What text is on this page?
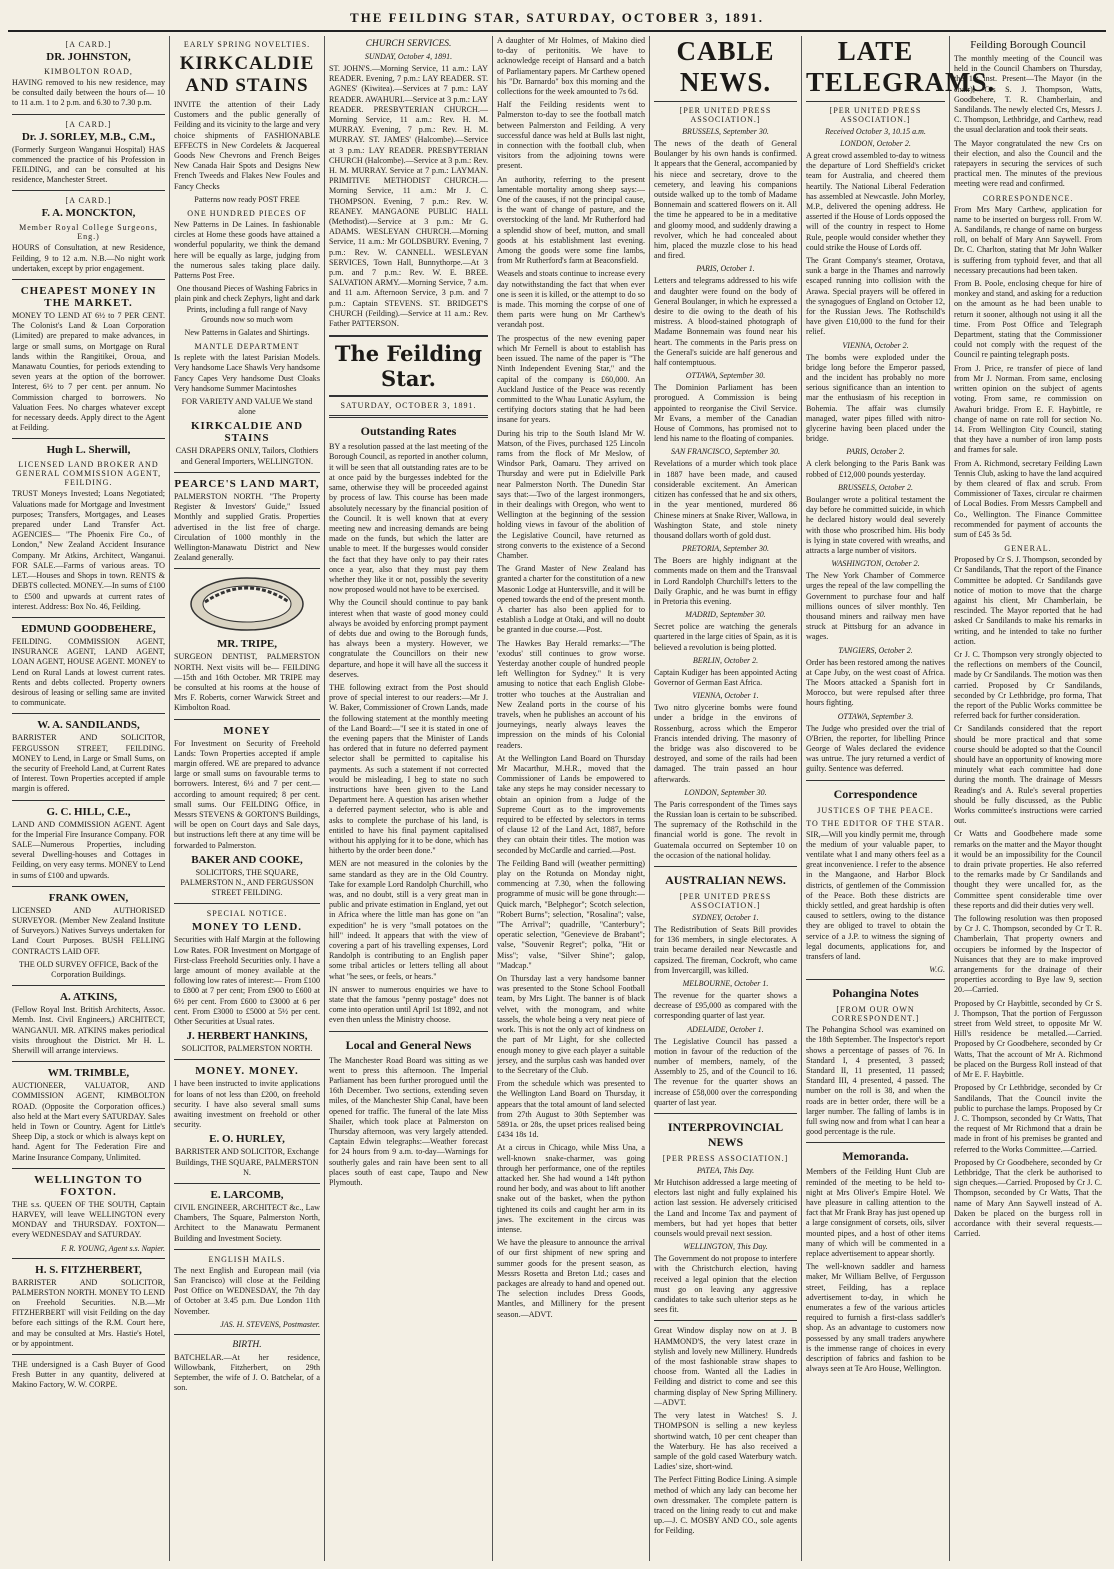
THE FEILDING STAR, SATURDAY, OCTOBER 3, 1891.
[A CARD.]
DR. JOHNSTON,
KIMBOLTON ROAD,

HAVING removed to his new residence, may be consulted daily between the hours of— 10 to 11 a.m. 1 to 2 p.m. and 6.30 to 7.30 p.m.

[A CARD.]
Dr. J. SORLEY, M.B., C.M.,

(Formerly Surgeon Wanganui Hospital) HAS commenced the practice of his Profession in FEILDING, and can be consulted at his residence, Manchester Street.

[A CARD.]
F. A. MONCKTON,
Member Royal College Surgeons, Eng.)

HOURS of Consultation, at new Residence, Feilding, 9 to 12 a.m. N.B.—No night work undertaken, except by prior engagement.

CHEAPEST MONEY IN THE MARKET.

MONEY TO LEND AT 6½ to 7 PER CENT. The Colonist's Land & Loan Corporation (Limited) are prepared to make advances, in large or small sums, on Mortgage on Rural lands within the Rangitikei, Oroua, and Manawatu Counties, for periods extending to seven years at the option of the borrower. Interest, 6½ to 7 per cent. per annum. No Commission charged to borrowers. No Valuation Fees. No charges whatever except for necessary deeds. Apply direct to the Agent at Feilding.

Hugh L. Sherwill,
LICENSED LAND BROKER AND GENERAL COMMISSION AGENT, FEILDING.

TRUST Moneys Invested; Loans Negotiated; Valuations made for Mortgage and Investment purposes; Transfers, Mortgages, and Leases prepared under Land Transfer Act. AGENCIES— "The Phoenix Fire Co., of London," New Zealand Accident Insurance Company. Mr Atkins, Architect, Wanganui. FOR SALE.—Farms of various areas. TO LET.—Houses and Shops in town. RENTS & DEBTS collected. MONEY.—In sums of £100 to £500 and upwards at current rates of interest. Address: Box No. 46, Feilding.

EDMUND GOODBEHERE,

FEILDING. COMMISSION AGENT, INSURANCE AGENT, LAND AGENT, LOAN AGENT, HOUSE AGENT. MONEY to Lend on Rural Lands at lowest current rates. Rents and debts collected. Property owners desirous of leasing or selling same are invited to communicate.

W. A. SANDILANDS,

BARRISTER AND SOLICITOR, FERGUSSON STREET, FEILDING. MONEY to Lend, in Large or Small Sums, on the security of Freehold Land, at Current Rates of Interest. Town Properties accepted if ample margin is offered.

G. C. HILL, C.E.,

LAND AND COMMISSION AGENT. Agent for the Imperial Fire Insurance Company. FOR SALE—Numerous Properties, including several Dwelling-houses and Cottages in Feilding, on very easy terms. MONEY to Lend in sums of £100 and upwards.

FRANK OWEN,

LICENSED AND AUTHORISED SURVEYOR. (Member New Zealand Institute of Surveyors.) Natives Surveys undertaken for Land Court Purposes. BUSH FELLING CONTRACTS LAID OFF.

THE OLD SURVEY OFFICE, Back of the Corporation Buildings.

A. ATKINS,

(Fellow Royal Inst. British Architects, Assoc. Memb. Inst. Civil Engineers,) ARCHITECT, WANGANUI. MR. ATKINS makes periodical visits throughout the District. Mr H. L. Sherwill will arrange interviews.

WM. TRIMBLE,

AUCTIONEER, VALUATOR, AND COMMISSION AGENT, KIMBOLTON ROAD. (Opposite the Corporation offices.) also held at the Mart every SATURDAY. Sales held in Town or Country. Agent for Little's Sheep Dip, a stock or which is always kept on hand. Agent for The Federation Fire and Marine Insurance Company, Unlimited.

WELLINGTON TO FOXTON.

THE s.s. QUEEN OF THE SOUTH, Captain HARVEY, will leave WELLINGTON every MONDAY and THURSDAY. FOXTON—every WEDNESDAY and SATURDAY.

F. R. YOUNG, Agent s.s. Napier.
H. S. FITZHERBERT,

BARRISTER AND SOLICITOR, PALMERSTON NORTH. MONEY TO LEND on Freehold Securities. N.B.—Mr FITZHERBERT will visit Feilding on the day before each sittings of the R.M. Court here, and may be consulted at Mrs. Hastie's Hotel, or by appointment.

THE undersigned is a Cash Buyer of Good Fresh Butter in any quantity, delivered at Makino Factory, W. W. CORPE.

EARLY SPRING NOVELTIES.
KIRKCALDIE AND STAINS

INVITE the attention of their Lady Customers and the public generally of Feilding and its vicinity to the large and very choice shipments of FASHIONABLE EFFECTS in New Cordelets & Jacquereal Goods New Chevrons and French Beiges New Canada Hair Spots and Designs New French Tweeds and Flakes New Foules and Fancy Checks

Patterns now ready POST FREE

ONE HUNDRED PIECES OF

New Patterns in De Laines. In fashionable circles at Home these goods have attained a wonderful popularity, we think the demand here will be equally as large, judging from the numerous sales taking place daily. Patterns Post Free.

One thousand Pieces of Washing Fabrics in plain pink and check Zephyrs, light and dark Prints, including a full range of Navy Grounds now so much worn

New Patterns in Galates and Shirtings.

MANTLE DEPARTMENT

Is replete with the latest Parisian Models. Very handsome Lace Shawls Very handsome Fancy Capes Very handsome Dust Cloaks Very handsome Summer Macintoshes

FOR VARIETY AND VALUE We stand alone

KIRKCALDIE AND STAINS

CASH DRAPERS ONLY, Tailors, Clothiers and General Importers, WELLINGTON.

PEARCE'S LAND MART,

PALMERSTON NORTH. "The Property Register & Investors' Guide," Issued Monthly and supplied Gratis. Properties advertised in the list free of charge. Circulation of 1000 monthly in the Wellington-Manawatu District and New Zealand generally.

MR. TRIPE,

SURGEON DENTIST, PALMERSTON NORTH. Next visits will be— FEILDING—15th and 16th October. MR TRIPE may be consulted at his rooms at the house of Mrs F. Roberts, corner Warwick Street and Kimbolton Road.

MONEY

For Investment on Security of Freehold Lands: Town Properties accepted if ample margin offered. WE are prepared to advance large or small sums on favourable terms to borrowers. Interest, 6½ and 7 per cent.—according to amount required; 8 per cent. small sums. Our FEILDING Office, in Messrs STEVENS & GORTON'S Buildings, will be open on Court days and Sale days, but instructions left there at any time will be forwarded to Palmerston.

BAKER AND COOKE,

SOLICITORS, THE SQUARE, PALMERSTON N., AND FERGUSSON STREET FEILDING.

SPECIAL NOTICE.
MONEY TO LEND.

Securities with Half Margin at the following Low Rates. FOR Investment on Mortgage of First-class Freehold Securities only. I have a large amount of money available at the following low rates of interest:— From £100 to £800 at 7 per cent; From £900 to £600 at 6½ per cent. From £600 to £3000 at 6 per cent. From £3000 to £5000 at 5½ per cent. Other Securities at Usual rates.

J. HERBERT HANKINS,

SOLICITOR, PALMERSTON NORTH.

MONEY. MONEY.

I have been instructed to invite applications for loans of not less than £200, on freehold security. I have also several small sums awaiting investment on freehold or other security.

E. O. HURLEY,

BARRISTER AND SOLICITOR, Exchange Buildings, THE SQUARE, PALMERSTON N.

E. LARCOMB,

CIVIL ENGINEER, ARCHITECT &c., Law Chambers, The Square, Palmerston North, Architect to the Manawatu Permanent Building and Investment Society.

ENGLISH MAILS.

The next English and European mail (via San Francisco) will close at the Feilding Post Office on WEDNESDAY, the 7th day of October at 3.45 p.m. Due London 11th November.

JAS. H. STEVENS, Postmaster.
BIRTH.

BATCHELAR.—At her residence, Willowbank, Fitzherbert, on 29th September, the wife of J. O. Batchelar, of a son.

CHURCH SERVICES.
SUNDAY, October 4, 1891.

ST. JOHN'S.—Morning Service, 11 a.m.: LAY READER. Evening, 7 p.m.: LAY READER. ST. AGNES' (Kiwitea).—Services at 7 p.m.: LAY READER. AWAHURI.—Service at 3 p.m.: LAY READER. PRESBYTERIAN CHURCH.—Morning Service, 11 a.m.: Rev. H. M. MURRAY. Evening, 7 p.m.: Rev. H. M. MURRAY. ST. JAMES' (Halcombe).—Service at 3 p.m.: LAY READER. PRESBYTERIAN CHURCH (Halcombe).—Service at 3 p.m.: Rev. H. M. MURRAY. Service at 7 p.m.: LAYMAN. PRIMITIVE METHODIST CHURCH.—Morning Service, 11 a.m.: Mr J. C. THOMPSON. Evening, 7 p.m.: Rev. W. REANEY. MANGAONE PUBLIC HALL (Methodist).—Service at 3 p.m.: Mr G. ADAMS. WESLEYAN CHURCH.—Morning Service, 11 a.m.: Mr GOLDSBURY. Evening, 7 p.m.: Rev. W. CANNELL. WESLEYAN SERVICES, Town Hall, Bunnythorpe.—At 3 p.m. and 7 p.m.: Rev. W. E. BREE. SALVATION ARMY.—Morning Service, 7 a.m. and 11 a.m. Afternoon Service, 3 p.m. and 7 p.m.: Captain STEVENS. ST. BRIDGET'S CHURCH (Feilding).—Service at 11 a.m.: Rev. Father PATTERSON.

The Feilding Star.
SATURDAY, OCTOBER 3, 1891.
Outstanding Rates

BY a resolution passed at the last meeting of the Borough Council, as reported in another column, it will be seen that all outstanding rates are to be at once paid by the burgesses indebted for the same, otherwise they will be proceeded against by process of law. This course has been made absolutely necessary by the financial position of the Council. It is well known that at every meeting new and increasing demands are being made on the funds, but which the latter are unable to meet. If the burgesses would consider the fact that they have only to pay their rates once a year, also that they must pay them whether they like it or not, possibly the severity now proposed would not have to be exercised.

Why the Council should continue to pay bank interest when that waste of good money could always be avoided by enforcing prompt payment of debts due and owing to the Borough funds, has always been a mystery. However, we congratulate the Councillors on their new departure, and hope it will have all the success it deserves.

THE following extract from the Post should prove of special interest to our readers:—Mr J. W. Baker, Commissioner of Crown Lands, made the following statement at the monthly meeting of the Land Board:—"I see it is stated in one of the evening papers that the Minister of Lands has ordered that in future no deferred payment selector shall be permitted to capitalise his payments. As such a statement if not corrected would be misleading, I beg to state no such instructions have been given to the Land Department here. A question has arisen whether a deferred payment selector, who is able and asks to complete the purchase of his land, is entitled to have his final payment capitalised without his applying for it to be done, which has hitherto by the order been done."

MEN are not measured in the colonies by the same standard as they are in the Old Country. Take for example Lord Randolph Churchill, who was, and no doubt, still is a very great man in public and private estimation in England, yet out in Africa where the little man has gone on "an expedition" he is very "small potatoes on the hill" indeed. It appears that with the view of covering a part of his travelling expenses, Lord Randolph is contributing to an English paper some tribal articles or letters telling all about what "he sees, or feels, or hears."

IN answer to numerous enquiries we have to state that the famous "penny postage" does not come into operation until April 1st 1892, and not even then unless the Ministry choose.

Local and General News

The Manchester Road Board was sitting as we went to press this afternoon. The Imperial Parliament has been further prorogued until the 16th December. Two sections, extending seven miles, of the Manchester Ship Canal, have been opened for traffic. The funeral of the late Miss Shailer, which took place at Palmerston on Thursday afternoon, was very largely attended. Captain Edwin telegraphs:—Weather forecast for 24 hours from 9 a.m. to-day—Warnings for southerly gales and rain have been sent to all places south of east cape, Taupo and New Plymouth.

A daughter of Mr Holmes, of Makino died to-day of peritonitis. We have to acknowledge receipt of Hansard and a batch of Parliamentary papers. Mr Carthew opened his "Dr. Barnardo" box this morning and the collections for the week amounted to 7s 6d.

Half the Feilding residents went to Palmerston to-day to see the football match between Palmerston and Feilding. A very successful dance was held at Bulls last night, in connection with the football club, when visitors from the adjoining towns were present.

An authority, referring to the present lamentable mortality among sheep says:—One of the causes, if not the principal cause, is the want of change of pasture, and the overstocking of the land. Mr Rutherford had a splendid show of beef, mutton, and small goods at his establishment last evening. Among the goods were some fine lambs, from Mr Rutherford's farm at Beaconsfield.

Weasels and stoats continue to increase every day notwithstanding the fact that when ever one is seen it is killed, or the attempt to do so is made. This morning the corpse of one of them parts were hung on Mr Carthew's verandah post.

The prospectus of the new evening paper which Mr Fernell is about to establish has been issued. The name of the paper is "The Ninth Independent Evening Star," and the capital of the company is £60,000. An Auckland Justice of the Peace was recently committed to the Whau Lunatic Asylum, the certifying doctors stating that he had been insane for years.

During his trip to the South Island Mr W. Matson, of the Fives, purchased 125 Lincoln rams from the flock of Mr Meslow, of Windsor Park, Oamaru. They arrived on Thursday and were put in Edielville Park near Palmerston North. The Dunedin Star says that:—Two of the largest ironmongers, in their dealings with Oregon, who went to Wellington at the beginning of the session holding views in favour of the abolition of the Legislative Council, have returned as strong converts to the existence of a Second Chamber.

The Grand Master of New Zealand has granted a charter for the constitution of a new Masonic Lodge at Huntersville, and it will be opened towards the end of the present month. A charter has also been applied for to establish a Lodge at Otaki, and will no doubt be granted in due course.—Post.

The Hawkes Bay Herald remarks:—"The 'exodus' still continues to grow worse. Yesterday another couple of hundred people left Wellington for Sydney." It is very amusing to notice that each English Globe-trotter who touches at the Australian and New Zealand ports in the course of his travels, when he publishes an account of his journeyings, nearly always leaves the impression on the minds of his Colonial readers.

At the Wellington Land Board on Thursday Mr Macarthur, M.H.R., moved that the Commissioner of Lands be empowered to take any steps he may consider necessary to obtain an opinion from a Judge of the Supreme Court as to the improvements required to be effected by selectors in terms of clause 12 of the Land Act, 1887, before they can obtain their titles. The motion was seconded by McCardle and carried.—Post.

The Feilding Band will (weather permitting) play on the Rotunda on Monday night, commencing at 7.30, when the following programme of music will be gone through:—Quick march, "Belphegor"; Scotch selection, "Robert Burns"; selection, "Rosalina"; valse, "The Arrival"; quadrille, "Canterbury"; operatic selection, "Genevieve de Brabant"; valse, "Souvenir Regret"; polka, "Hit or Miss"; valse, "Silver Shine"; galop, "Madcap."

On Thursday last a very handsome banner was presented to the Stone School Football team, by Mrs Light. The banner is of black velvet, with the monogram, and white tassels, the whole being a very neat piece of work. This is not the only act of kindness on the part of Mr Light, for she collected enough money to give each player a suitable jersey, and the surplus cash was handed over to the Secretary of the Club.

From the schedule which was presented to the Wellington Land Board on Thursday, it appears that the total amount of land selected from 27th August to 30th September was 5891a. or 28s, the upset prices realised being £434 18s 1d.

At a circus in Chicago, while Miss Una, a well-known snake-charmer, was going through her performance, one of the reptiles attacked her. She had wound a 14ft python round her body, and was about to lift another snake out of the basket, when the python tightened its coils and caught her arm in its jaws. The excitement in the circus was intense.

We have the pleasure to announce the arrival of our first shipment of new spring and summer goods for the present season, as Messrs Rosetta and Breton Ltd.; cases and packages are already to hand and opened out. The selection includes Dress Goods, Mantles, and Millinery for the present season.—ADVT.

CABLE NEWS.
[PER UNITED PRESS ASSOCIATION.]
BRUSSELS, September 30.

The news of the death of General Boulanger by his own hands is confirmed. It appears that the General, accompanied by his niece and secretary, drove to the cemetery, and leaving his companions outside walked up to the tomb of Madame Bonnemain and scattered flowers on it. All the time he appeared to be in a meditative and gloomy mood, and suddenly drawing a revolver, which he had concealed about him, placed the muzzle close to his head and fired.

PARIS, October 1.

Letters and telegrams addressed to his wife and daughter were found on the body of General Boulanger, in which he expressed a desire to die owing to the death of his mistress. A blood-stained photograph of Madame Bonnemain was found near his heart. The comments in the Paris press on the General's suicide are half generous and half contemptuous.

OTTAWA, September 30.

The Dominion Parliament has been prorogued. A Commission is being appointed to reorganise the Civil Service. Mr Evans, a member of the Canadian House of Commons, has promised not to lend his name to the floating of companies.

SAN FRANCISCO, September 30.

Revelations of a murder which took place in 1887 have been made, and caused considerable excitement. An American citizen has confessed that he and six others, in the year mentioned, murdered 86 Chinese miners at Snake River, Wallowa, in Washington State, and stole ninety thousand dollars worth of gold dust.

PRETORIA, September 30.

The Boers are highly indignant at the comments made on them and the Transvaal in Lord Randolph Churchill's letters to the Daily Graphic, and he was burnt in effigy in Pretoria this evening.

MADRID, September 30.

Secret police are watching the generals quartered in the large cities of Spain, as it is believed a revolution is being plotted.

BERLIN, October 2.

Captain Kudiger has been appointed Acting Governor of German East Africa.

VIENNA, October 1.

Two nitro glycerine bombs were found under a bridge in the environs of Rossenburg, across which the Emperor Francis intended driving. The masonry of the bridge was also discovered to be destroyed, and some of the rails had been damaged. The train passed an hour afterwards.

LONDON, September 30.

The Paris correspondent of the Times says the Russian loan is certain to be subscribed. The supremacy of the Rothschild in the financial world is gone. The revolt in Guatemala occurred on September 10 on the occasion of the national holiday.

AUSTRALIAN NEWS.
[PER UNITED PRESS ASSOCIATION.]
SYDNEY, October 1.

The Redistribution of Seats Bill provides for 136 members, in single electorates. A train became derailed near Newcastle and capsized. The fireman, Cockroft, who came from Invercargill, was killed.

MELBOURNE, October 1.

The revenue for the quarter shows a decrease of £95,000 as compared with the corresponding quarter of last year.

ADELAIDE, October 1.

The Legislative Council has passed a motion in favour of the reduction of the number of members, namely, of the Assembly to 25, and of the Council to 16. The revenue for the quarter shows an increase of £58,000 over the corresponding quarter of last year.

INTERPROVINCIAL NEWS
[PER PRESS ASSOCIATION.]
PATEA, This Day.

Mr Hutchison addressed a large meeting of electors last night and fully explained his action last session. He adversely criticised the Land and Income Tax and payment of members, but had yet hopes that better counsels would prevail next session.

WELLINGTON, This Day.

The Government do not propose to interfere with the Christchurch election, having received a legal opinion that the election must go on leaving any aggressive candidates to take such ulterior steps as he sees fit.

Great Window display now on at J. B HAMMOND'S, the very latest craze in stylish and lovely new Millinery. Hundreds of the most fashionable straw shapes to choose from. Wanted all the Ladies in Feilding and district to come and see this charming display of New Spring Millinery.—ADVT.

The very latest in Watches! S. J. THOMPSON is selling a new keyless shortwind watch, 10 per cent cheaper than the Waterbury. He has also received a sample of the gold cased Waterbury watch. Ladies' size, short-wind.

The Perfect Fitting Bodice Lining. A simple method of which any lady can become her own dressmaker. The complete pattern is traced on the lining ready to cut and make up.—J. C. MOSBY AND CO., sole agents for Feilding.

LATE TELEGRAMS.
[PER UNITED PRESS ASSOCIATION.]
Received October 3, 10.15 a.m.
LONDON, October 2.

A great crowd assembled to-day to witness the departure of Lord Sheffield's cricket team for Australia, and cheered them heartily. The National Liberal Federation has assembled at Newcastle. John Morley, M.P., delivered the opening address. He asserted if the House of Lords opposed the will of the country in respect to Home Rule, people would consider whether they could strike the House of Lords off.

The Grant Company's steamer, Orotava, sunk a barge in the Thames and narrowly escaped running into collision with the Arawa. Special prayers will be offered in the synagogues of England on October 12, for the Russian Jews. The Rothschild's have given £10,000 to the fund for their relief.

VIENNA, October 2.

The bombs were exploded under the bridge long before the Emperor passed, and the incident has probably no more serious significance than an intention to mar the enthusiasm of his reception in Bohemia. The affair was clumsily managed, water pipes filled with nitro-glycerine having been placed under the bridge.

PARIS, October 2.

A clerk belonging to the Paris Bank was robbed of £12,000 pounds yesterday.

BRUSSELS, October 2.

Boulanger wrote a political testament the day before he committed suicide, in which he declared history would deal severely with those who proscribed him. His body is lying in state covered with wreaths, and attracts a large number of visitors.

WASHINGTON, October 2.

The New York Chamber of Commerce urges the repeal of the law compelling the Government to purchase four and half millions ounces of silver monthly. Ten thousand miners and railway men have struck at Pittsburg for an advance in wages.

TANGIERS, October 2.

Order has been restored among the natives at Cape Juby, on the west coast of Africa. The Moors attacked a Spanish fort in Morocco, but were repulsed after three hours fighting.

OTTAWA, September 3.

The Judge who presided over the trial of O'Brien, the reporter, for libelling Prince George of Wales declared the evidence was untrue. The jury returned a verdict of guilty. Sentence was deferred.

Correspondence
JUSTICES OF THE PEACE.
TO THE EDITOR OF THE STAR.

SIR,—Will you kindly permit me, through the medium of your valuable paper, to ventilate what I and many others feel as a great inconvenience. I refer to the absence in the Mangaone, and Harbor Block districts, of gentlemen of the Commission of the Peace. Both these districts are thickly settled, and great hardship is often caused to settlers, owing to the distance they are obliged to travel to obtain the service of a J.P. to witness the signing of legal documents, applications for, and transfers of land.

W.G.
Pohangina Notes
[FROM OUR OWN CORRESPONDENT.]

The Pohangina School was examined on the 18th September. The Inspector's report shows a percentage of passes of 76. In Standard I, 4 presented, 3 passed; Standard II, 11 presented, 11 passed; Standard III, 4 presented, 4 passed. The number on the roll is 38, and when the roads are in better order, there will be a larger number. The falling of lambs is in full swing now and from what I can hear a good percentage is the rule.

Memoranda.

Members of the Feilding Hunt Club are reminded of the meeting to be held to-night at Mrs Oliver's Empire Hotel. We have pleasure in calling attention to the fact that Mr Frank Bray has just opened up a large consignment of corsets, oils, silver mounted pipes, and a host of other items many of which will be commented in a replace advertisement to appear shortly.

The well-known saddler and harness maker, Mr William Bellve, of Fergusson street, Feilding, has a replace advertisement to-day, in which he enumerates a few of the various articles required to furnish a first-class saddler's shop. As an advantage to customers now possessed by any small traders anywhere is the immense range of choices in every description of fabrics and fashion to be always seen at Te Aro House, Wellington.

Feilding Borough Council

The monthly meeting of the Council was held in the Council Chambers on Thursday, the 1st inst. Present—The Mayor (in the chair), Crs S. J. Thompson, Watts, Goodbehere, T. R. Chamberlain, and Sandilands. The newly elected Crs, Messrs J. C. Thompson, Lethbridge, and Carthew, read the usual declaration and took their seats.

The Mayor congratulated the new Crs on their election, and also the Council and the ratepayers in securing the services of such practical men. The minutes of the previous meeting were read and confirmed.

CORRESPONDENCE.

From Mrs Mary Carthew, application for name to be inserted on burgess roll. From W. A. Sandilands, re change of name on burgess roll, on behalf of Mary Ann Saywell. From Dr. C. Charlton, stating that Mr John Walker is suffering from typhoid fever, and that all necessary precautions had been taken.

From B. Poole, enclosing cheque for hire of monkey and stand, and asking for a reduction on the amount as he had been unable to return it sooner, although not using it all the time. From Post Office and Telegraph Department, stating that the Commissioner could not comply with the request of the Council re painting telegraph posts.

From J. Price, re transfer of piece of land from Mr J. Norman. From same, enclosing written opinion on the subject of agents voting. From same, re commission on Awahuri bridge. From E. F. Haybittle, re change of name on rate roll for section No. 14. From Wellington City Council, stating that they have a number of iron lamp posts and frames for sale.

From A. Richmond, secretary Feilding Lawn Tennis Club, asking to have the land acquired by them cleared of flax and scrub. From Commissioner of Taxes, circular re chairmen of Local Bodies. From Messrs Campbell and Co., Wellington. The Finance Committee recommended for payment of accounts the sum of £45 3s 5d.

GENERAL.

Proposed by Cr S. J. Thompson, seconded by Cr Sandilands, That the report of the Finance Committee be adopted. Cr Sandilands gave notice of motion to move that the charge against his client, Mr Chamberlain, be rescinded. The Mayor reported that he had asked Cr Sandilands to make his remarks in writing, and he intended to take no further action.

Cr J. C. Thompson very strongly objected to the reflections on members of the Council, made by Cr Sandilands. The motion was then carried. Proposed by Cr Sandilands, seconded by Cr Lethbridge, pro forma, That the report of the Public Works committee be referred back for further consideration.

Cr Sandilands considered that the report should be more practical and that some course should be adopted so that the Council should have an opportunity of knowing more minutely what each committee had done during the month. The drainage of Messrs Reading's and A. Rule's several properties should be fully discussed, as the Public Works committee's instructions were carried out.

Cr Watts and Goodbehere made some remarks on the matter and the Mayor thought it would be an impossibility for the Council to drain private properties. He also referred to the remarks made by Cr Sandilands and thought they were uncalled for, as the Committee spent considerable time over these reports and did their duties very well.

The following resolution was then proposed by Cr J. C. Thompson, seconded by Cr T. R. Chamberlain, That property owners and occupiers be informed by the Inspector of Nuisances that they are to make improved arrangements for the drainage of their properties according to Bye law 9, section 20.—Carried.

Proposed by Cr Haybittle, seconded by Cr S. J. Thompson, That the portion of Fergusson street from Weld street, to opposite Mr W. Hill's residence be metalled.—Carried. Proposed by Cr Goodbehere, seconded by Cr Watts, That the account of Mr A. Richmond be placed on the Burgess Roll instead of that of Mr E. F. Haybittle.

Proposed by Cr Lethbridge, seconded by Cr Sandilands, That the Council invite the public to purchase the lamps. Proposed by Cr J. C. Thompson, seconded by Cr Watts, That the request of Mr Richmond that a drain be made in front of his premises be granted and referred to the Works Committee.—Carried.

Proposed by Cr Goodbehere, seconded by Cr Lethbridge, That the clerk be authorised to sign cheques.—Carried. Proposed by Cr J. C. Thompson, seconded by Cr Watts, That the name of Mary Ann Saywell instead of A. Daken be placed on the burgess roll in accordance with their several requests.—Carried.
